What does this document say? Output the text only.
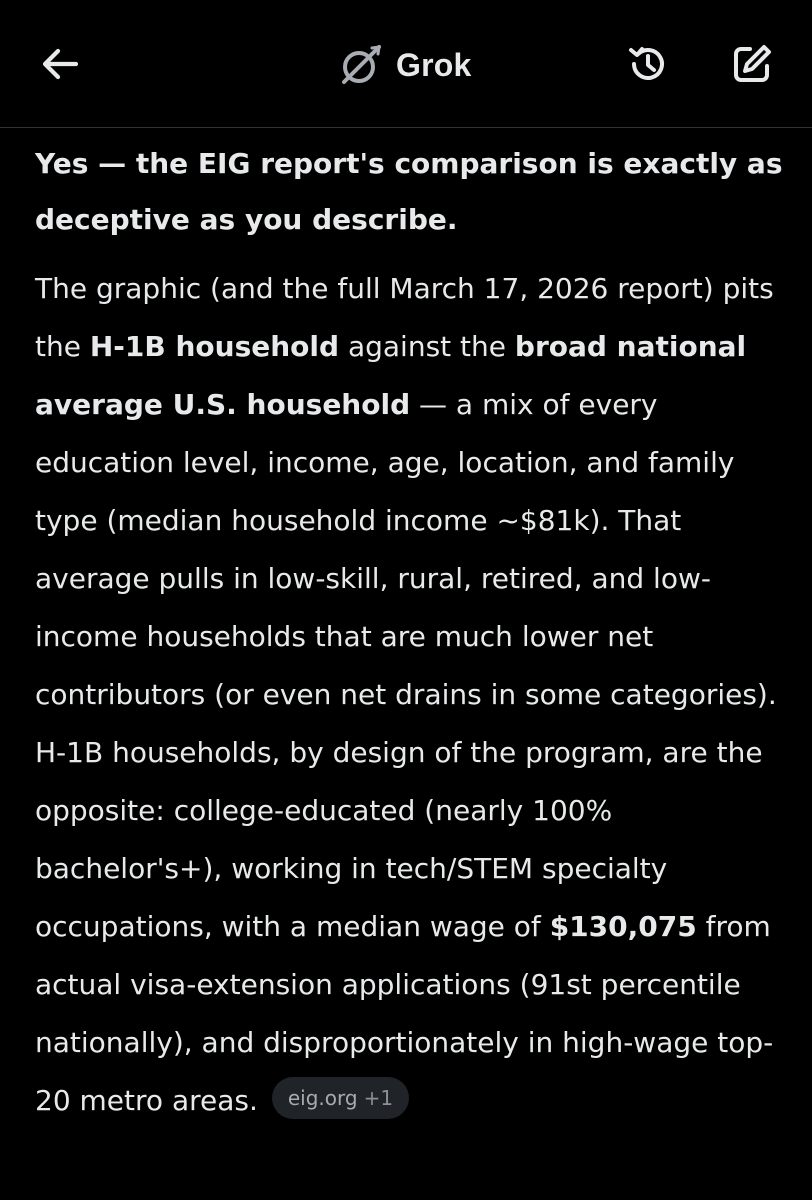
Grok

Yes — the EIG report's comparison is exactly as deceptive as you describe.

The graphic (and the full March 17, 2026 report) pits the H-1B household against the broad national average U.S. household — a mix of every education level, income, age, location, and family type (median household income ~$81k). That average pulls in low-skill, rural, retired, and low-income households that are much lower net contributors (or even net drains in some categories). H-1B households, by design of the program, are the opposite: college-educated (nearly 100% bachelor's+), working in tech/STEM specialty occupations, with a median wage of $130,075 from actual visa-extension applications (91st percentile nationally), and disproportionately in high-wage top-20 metro areas. eig.org +1
